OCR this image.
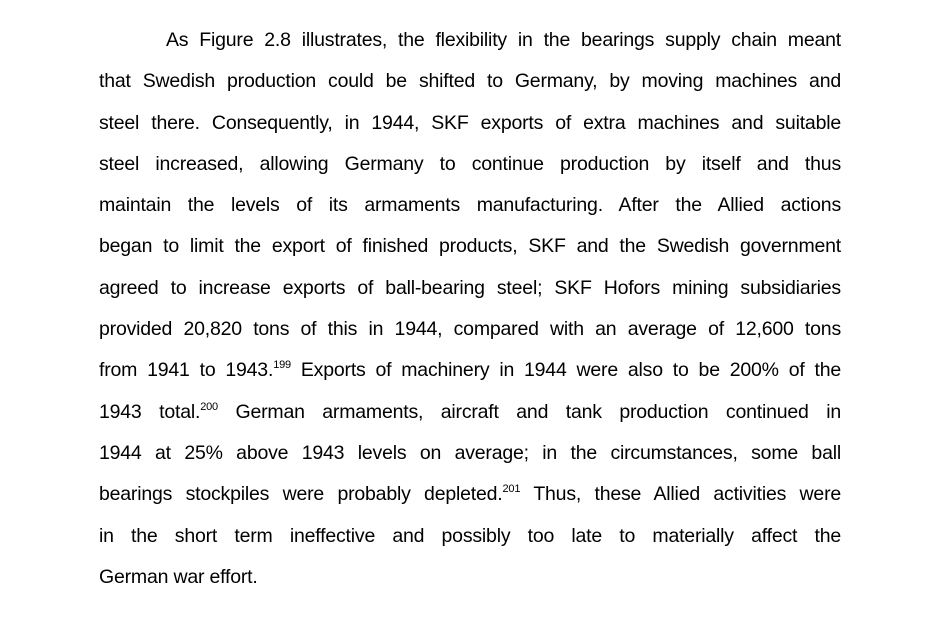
As Figure 2.8 illustrates, the flexibility in the bearings supply chain meant
that Swedish production could be shifted to Germany, by moving machines and
steel there. Consequently, in 1944, SKF exports of extra machines and suitable
steel increased, allowing Germany to continue production by itself and thus
maintain the levels of its armaments manufacturing. After the Allied actions
began to limit the export of finished products, SKF and the Swedish government
agreed to increase exports of ball-bearing steel; SKF Hofors mining subsidiaries
provided 20,820 tons of this in 1944, compared with an average of 12,600 tons
from 1941 to 1943.$^{199}$ Exports of machinery in 1944 were also to be 200% of the
1943 total.$^{200}$ German armaments, aircraft and tank production continued in
1944 at 25% above 1943 levels on average; in the circumstances, some ball
bearings stockpiles were probably depleted.$^{201}$ Thus, these Allied activities were
in the short term ineffective and possibly too late to materially affect the
German war effort.
